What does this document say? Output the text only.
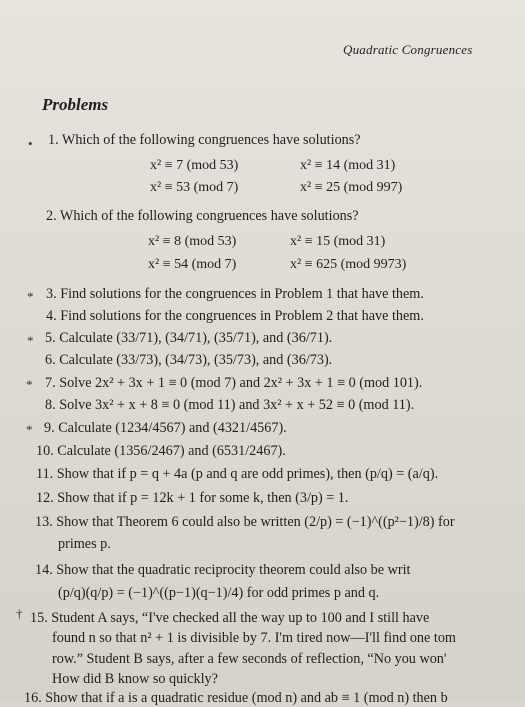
Quadratic Congruences
Problems
• 1. Which of the following congruences have solutions?
x² ≡ 7 (mod 53)	x² ≡ 14 (mod 31)
x² ≡ 53 (mod 7)	x² ≡ 25 (mod 997)
2. Which of the following congruences have solutions?
x² ≡ 8 (mod 53)	x² ≡ 15 (mod 31)
x² ≡ 54 (mod 7)	x² ≡ 625 (mod 9973)
* 3. Find solutions for the congruences in Problem 1 that have them.
4. Find solutions for the congruences in Problem 2 that have them.
* 5. Calculate (33/71), (34/71), (35/71), and (36/71).
6. Calculate (33/73), (34/73), (35/73), and (36/73).
* 7. Solve 2x² + 3x + 1 ≡ 0 (mod 7) and 2x² + 3x + 1 ≡ 0 (mod 101).
8. Solve 3x² + x + 8 ≡ 0 (mod 11) and 3x² + x + 52 ≡ 0 (mod 11).
* 9. Calculate (1234/4567) and (4321/4567).
10. Calculate (1356/2467) and (6531/2467).
11. Show that if p = q + 4a (p and q are odd primes), then (p/q) = (a/q).
12. Show that if p = 12k + 1 for some k, then (3/p) = 1.
13. Show that Theorem 6 could also be written (2/p) = (−1)^((p²−1)/8) for
primes p.
14. Show that the quadratic reciprocity theorem could also be writ
(p/q)(q/p) = (−1)^((p−1)(q−1)/4) for odd primes p and q.
† 15. Student A says, “I've checked all the way up to 100 and I still have
found n so that n² + 1 is divisible by 7. I'm tired now—I'll find one tom
row.” Student B says, after a few seconds of reflection, “No you won'
How did B know so quickly?
16. Show that if a is a quadratic residue (mod n) and ab ≡ 1 (mod n) then b
